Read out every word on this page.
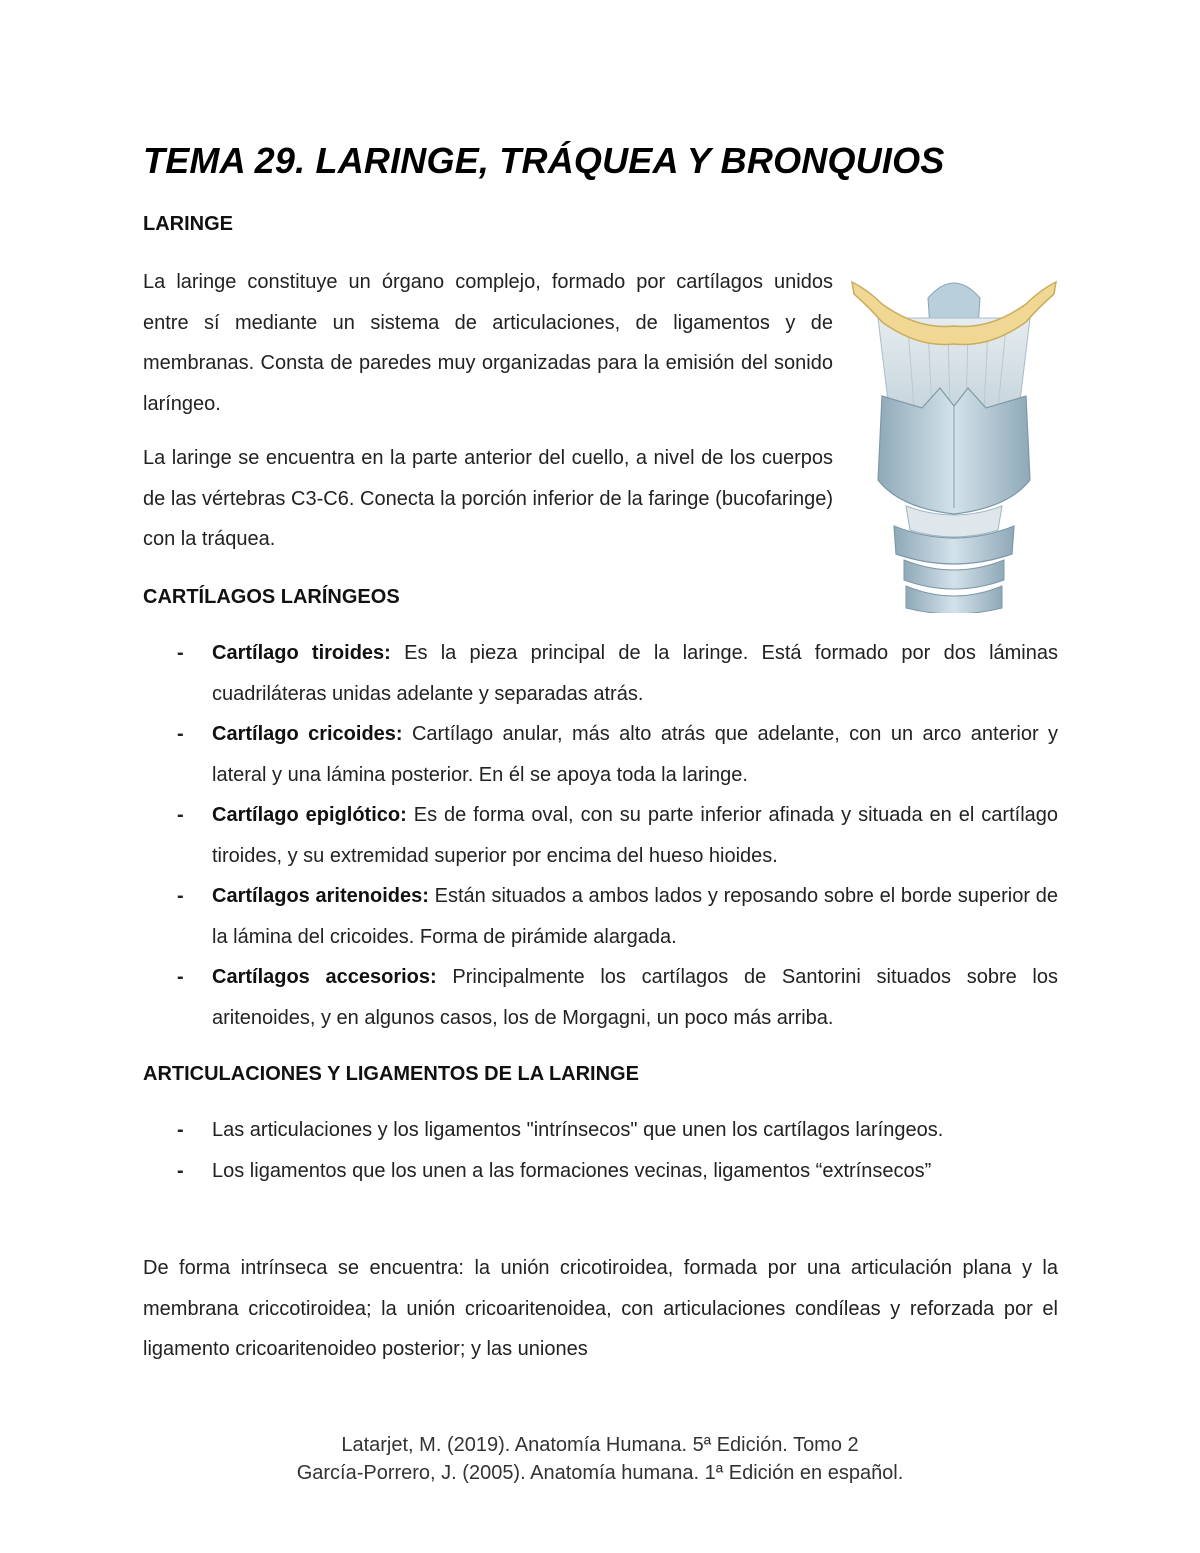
TEMA 29. LARINGE, TRÁQUEA Y BRONQUIOS
LARINGE

La laringe constituye un órgano complejo, formado por cartílagos unidos entre sí mediante un sistema de articulaciones, de ligamentos y de membranas. Consta de paredes muy organizadas para la emisión del sonido laríngeo.

La laringe se encuentra en la parte anterior del cuello, a nivel de los cuerpos de las vértebras C3-C6. Conecta la porción inferior de la faringe (bucofaringe) con la tráquea.

CARTÍLAGOS LARÍNGEOS
- Cartílago tiroides: Es la pieza principal de la laringe. Está formado por dos láminas cuadriláteras unidas adelante y separadas atrás.
- Cartílago cricoides: Cartílago anular, más alto atrás que adelante, con un arco anterior y lateral y una lámina posterior. En él se apoya toda la laringe.
- Cartílago epiglótico: Es de forma oval, con su parte inferior afinada y situada en el cartílago tiroides, y su extremidad superior por encima del hueso hioides.
- Cartílagos aritenoides: Están situados a ambos lados y reposando sobre el borde superior de la lámina del cricoides. Forma de pirámide alargada.
- Cartílagos accesorios: Principalmente los cartílagos de Santorini situados sobre los aritenoides, y en algunos casos, los de Morgagni, un poco más arriba.
ARTICULACIONES Y LIGAMENTOS DE LA LARINGE
- Las articulaciones y los ligamentos "intrínsecos" que unen los cartílagos laríngeos.
- Los ligamentos que los unen a las formaciones vecinas, ligamentos “extrínsecos”

De forma intrínseca se encuentra: la unión cricotiroidea, formada por una articulación plana y la membrana criccotiroidea; la unión cricoaritenoidea, con articulaciones condíleas y reforzada por el ligamento cricoaritenoideo posterior; y las uniones

Latarjet, M. (2019). Anatomía Humana. 5ª Edición. Tomo 2
García-Porrero, J. (2005). Anatomía humana. 1ª Edición en español.
